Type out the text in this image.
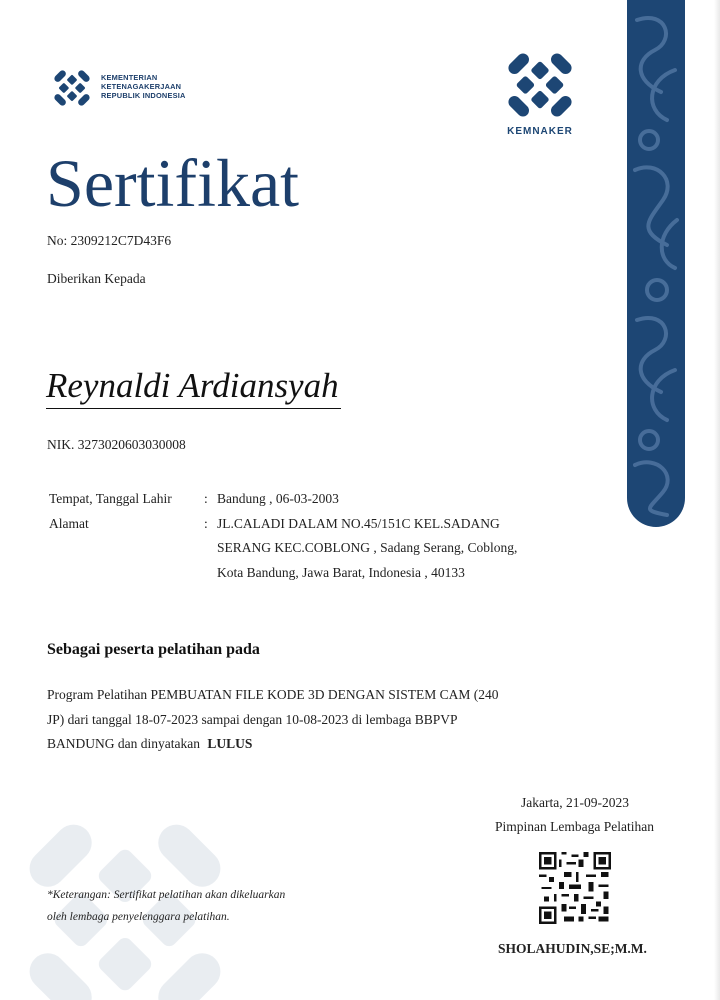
KEMENTERIAN
KETENAGAKERJAAN
REPUBLIK INDONESIA
KEMNAKER
Sertifikat
No: 2309212C7D43F6
Diberikan Kepada
Reynaldi Ardiansyah
NIK. 3273020603030008
Tempat, Tanggal Lahir : Bandung , 06-03-2003
Alamat	: JL.CALADI DALAM NO.45/151C KEL.SADANG
SERANG KEC.COBLONG , Sadang Serang, Coblong,
Kota Bandung, Jawa Barat, Indonesia , 40133
Sebagai peserta pelatihan pada
Program Pelatihan PEMBUATAN FILE KODE 3D DENGAN SISTEM CAM (240
JP) dari tanggal 18-07-2023 sampai dengan 10-08-2023 di lembaga BBPVP
BANDUNG dan dinyatakan LULUS
Jakarta, 21-09-2023
Pimpinan Lembaga Pelatihan
SHOLAHUDIN,SE;M.M.
*Keterangan: Sertifikat pelatihan akan dikeluarkan
oleh lembaga penyelenggara pelatihan.
